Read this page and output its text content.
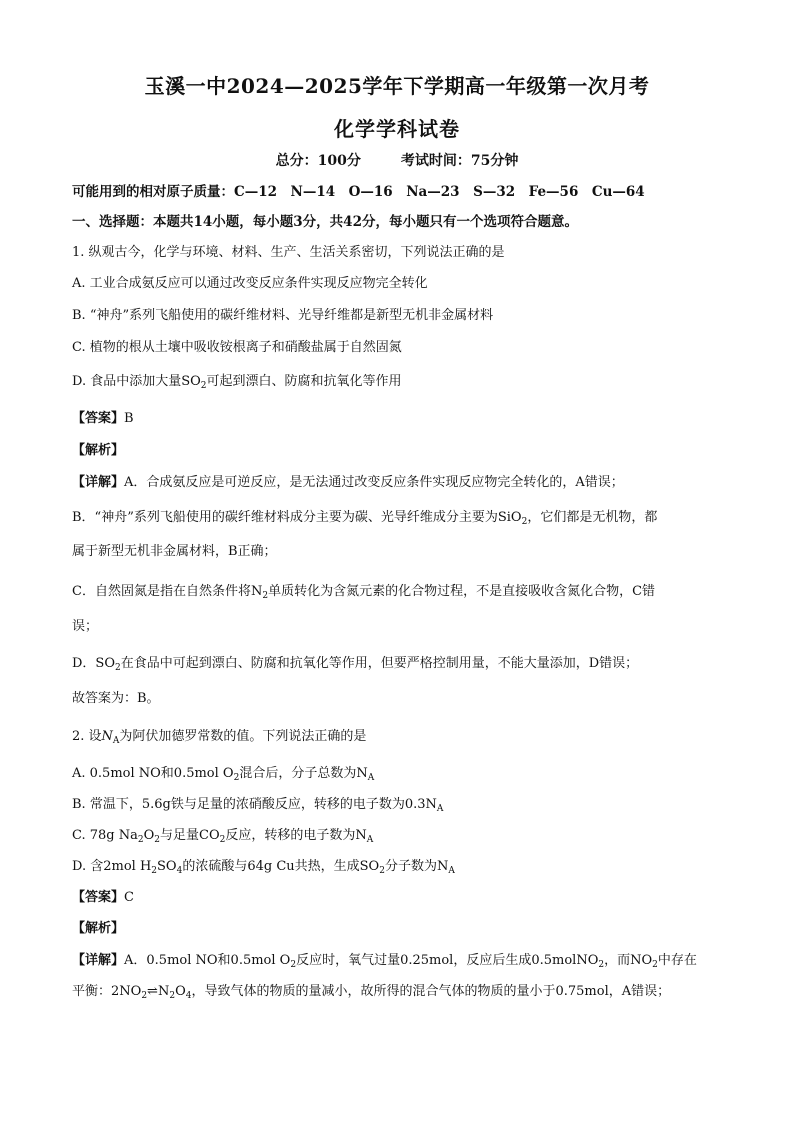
玉溪一中2024—2025学年下学期高一年级第一次月考
化学学科试卷
总分：100分	考试时间：75分钟
可能用到的相对原子质量：C—12　N—14　O—16　Na—23　S—32　Fe—56　Cu—64
一、选择题：本题共14小题，每小题3分，共42分，每小题只有一个选项符合题意。
1. 纵观古今，化学与环境、材料、生产、生活关系密切，下列说法正确的是
A. 工业合成氨反应可以通过改变反应条件实现反应物完全转化
B. “神舟”系列飞船使用的碳纤维材料、光导纤维都是新型无机非金属材料
C. 植物的根从土壤中吸收铵根离子和硝酸盐属于自然固氮
D. 食品中添加大量$SO_2$可起到漂白、防腐和抗氧化等作用
【答案】B
【解析】
【详解】A．合成氨反应是可逆反应，是无法通过改变反应条件实现反应物完全转化的，A错误；
B．“神舟”系列飞船使用的碳纤维材料成分主要为碳、光导纤维成分主要为SiO$_2$，它们都是无机物，都
属于新型无机非金属材料，B正确；
C．自然固氮是指在自然条件将$N_2$单质转化为含氮元素的化合物过程，不是直接吸收含氮化合物，C错
误；
D．$SO_2$在食品中可起到漂白、防腐和抗氧化等作用，但要严格控制用量，不能大量添加，D错误；
故答案为：B。
2. 设$N_A$为阿伏加德罗常数的值。下列说法正确的是
A. 0.5mol NO和0.5mol $O_2$混合后，分子总数为$N_A$
B. 常温下，5.6g铁与足量的浓硝酸反应，转移的电子数为$0.3N_A$
C. 78g $Na_2O_2$与足量$CO_2$反应，转移的电子数为$N_A$
D. 含2mol $H_2SO_4$的浓硫酸与64g Cu共热，生成$SO_2$分子数为$N_A$
【答案】C
【解析】
【详解】A．0.5mol NO和0.5mol $O_2$反应时，氧气过量0.25mol，反应后生成0.5molNO$_2$，而$NO_2$中存在
平衡：$2NO_2\rightleftharpoons N_2O_4$，导致气体的物质的量减小，故所得的混合气体的物质的量小于0.75mol，A错误；
